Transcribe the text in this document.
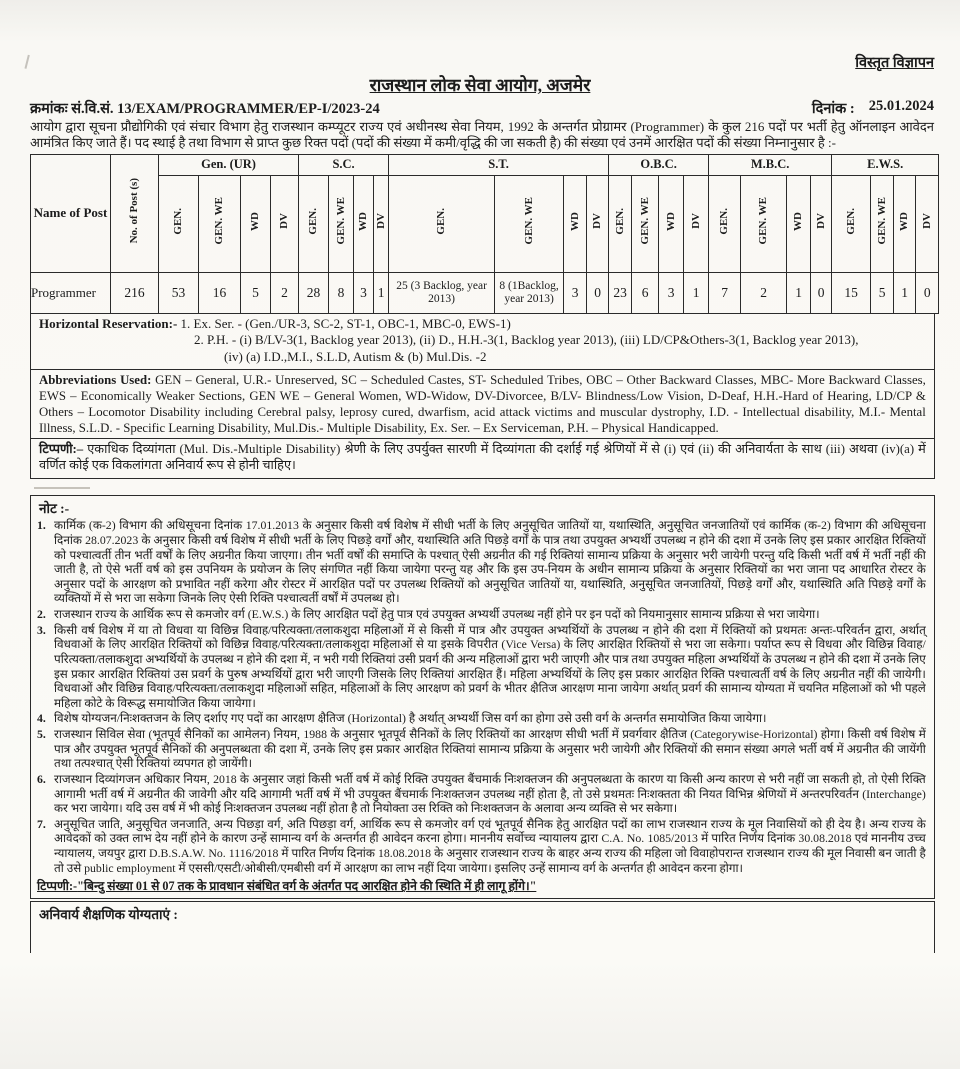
विस्तृत विज्ञापन
राजस्थान लोक सेवा आयोग, अजमेर
क्रमांकः सं.वि.सं. 13/EXAM/PROGRAMMER/EP-I/2023-24	दिनांक : 25.01.2024
आयोग द्वारा सूचना प्रौद्योगिकी एवं संचार विभाग हेतु राजस्थान कम्प्यूटर राज्य एवं अधीनस्थ सेवा नियम, 1992 के अन्तर्गत प्रोग्रामर (Programmer) के कुल 216 पदों पर भर्ती हेतु ऑनलाइन आवेदन आमंत्रित किए जाते हैं। पद स्थाई है तथा विभाग से प्राप्त कुछ रिक्त पदों (पदों की संख्या में कमी/वृद्धि की जा सकती है) की संख्या एवं उनमें आरक्षित पदों की संख्या निम्नानुसार है :-
Name of Post	No. of Post (s)	Gen. (UR)				S.C.				S.T.				O.B.C.				M.B.C.				E.W.S.			
		GEN.	GEN. WE	WD	DV	GEN.	GEN. WE	WD	DV	GEN.	GEN. WE	WD	DV	GEN.	GEN. WE	WD	DV	GEN.	GEN. WE	WD	DV	GEN.	GEN. WE	WD	DV
Programmer	216	53	16	5	2	28	8	3	1	25 (3 Backlog, year 2013)	8 (1Backlog, year 2013)	3	0	23	6	3	1	7	2	1	0	15	5	1	0
Horizontal Reservation:- 1. Ex. Ser. - (Gen./UR-3, SC-2, ST-1, OBC-1, MBC-0, EWS-1)
2. P.H. - (i) B/LV-3(1, Backlog year 2013), (ii) D., H.H.-3(1, Backlog year 2013), (iii) LD/CP&Others-3(1, Backlog year 2013),
(iv) (a) I.D.,M.I., S.L.D, Autism & (b) Mul.Dis. -2
Abbreviations Used: GEN – General, U.R.- Unreserved, SC – Scheduled Castes, ST- Scheduled Tribes, OBC – Other Backward Classes, MBC- More Backward Classes, EWS – Economically Weaker Sections, GEN WE – General Women, WD-Widow, DV-Divorcee, B/LV- Blindness/Low Vision, D-Deaf, H.H.-Hard of Hearing, LD/CP & Others – Locomotor Disability including Cerebral palsy, leprosy cured, dwarfism, acid attack victims and muscular dystrophy, I.D. - Intellectual disability, M.I.- Mental Illness, S.L.D. - Specific Learning Disability, Mul.Dis.- Multiple Disability, Ex. Ser. – Ex Serviceman, P.H. – Physical Handicapped.
टिप्पणी:– एकाधिक दिव्यांगता (Mul. Dis.-Multiple Disability) श्रेणी के लिए उपर्युक्त सारणी में दिव्यांगता की दर्शाई गई श्रेणियों में से (i) एवं (ii) की अनिवार्यता के साथ (iii) अथवा (iv)(a) में वर्णित कोई एक विकलांगता अनिवार्य रूप से होनी चाहिए।
नोट :-
1. कार्मिक (क-2) विभाग की अधिसूचना दिनांक 17.01.2013 के अनुसार किसी वर्ष विशेष में सीधी भर्ती के लिए अनुसूचित जातियों या, यथास्थिति, अनुसूचित जनजातियों एवं कार्मिक (क-2) विभाग की अधिसूचना दिनांक 28.07.2023 के अनुसार किसी वर्ष विशेष में सीधी भर्ती के लिए पिछड़े वर्गों और, यथास्थिति अति पिछड़े वर्गों के पात्र तथा उपयुक्त अभ्यर्थी उपलब्ध न होने की दशा में उनके लिए इस प्रकार आरक्षित रिक्तियों को पश्चात्वर्ती तीन भर्ती वर्षों के लिए अग्रनीत किया जाएगा। तीन भर्ती वर्षों की समाप्ति के पश्चात् ऐसी अग्रनीत की गई रिक्तियां सामान्य प्रक्रिया के अनुसार भरी जायेगी परन्तु यदि किसी भर्ती वर्ष में भर्ती नहीं की जाती है, तो ऐसे भर्ती वर्ष को इस उपनियम के प्रयोजन के लिए संगणित नहीं किया जायेगा परन्तु यह और कि इस उप-नियम के अधीन सामान्य प्रक्रिया के अनुसार रिक्तियों का भरा जाना पद आधारित रोस्टर के अनुसार पदों के आरक्षण को प्रभावित नहीं करेगा और रोस्टर में आरक्षित पदों पर उपलब्ध रिक्तियों को अनुसूचित जातियों या, यथास्थिति, अनुसूचित जनजातियों, पिछड़े वर्गों और, यथास्थिति अति पिछड़े वर्गों के व्यक्तियों में से भरा जा सकेगा जिनके लिए ऐसी रिक्ति पश्चात्वर्ती वर्षों में उपलब्ध हो।
2. राजस्थान राज्य के आर्थिक रूप से कमजोर वर्ग (E.W.S.) के लिए आरक्षित पदों हेतु पात्र एवं उपयुक्त अभ्यर्थी उपलब्ध नहीं होने पर इन पदों को नियमानुसार सामान्य प्रक्रिया से भरा जायेगा।
3. किसी वर्ष विशेष में या तो विधवा या विछिन्न विवाह/परित्यक्ता/तलाकशुदा महिलाओं में से किसी में पात्र और उपयुक्त अभ्यर्थियों के उपलब्ध न होने की दशा में रिक्तियों को प्रथमतः अन्तः-परिवर्तन द्वारा, अर्थात् विधवाओं के लिए आरक्षित रिक्तियों को विछिन्न विवाह/परित्यक्ता/तलाकशुदा महिलाओं से या इसके विपरीत (Vice Versa) के लिए आरक्षित रिक्तियों से भरा जा सकेगा। पर्याप्त रूप से विधवा और विछिन्न विवाह/परित्यक्ता/तलाकशुदा अभ्यर्थियों के उपलब्ध न होने की दशा में, न भरी गयी रिक्तियां उसी प्रवर्ग की अन्य महिलाओं द्वारा भरी जाएगी और पात्र तथा उपयुक्त महिला अभ्यर्थियों के उपलब्ध न होने की दशा में उनके लिए इस प्रकार आरक्षित रिक्तियां उस प्रवर्ग के पुरुष अभ्यर्थियों द्वारा भरी जाएगी जिसके लिए रिक्तियां आरक्षित हैं। महिला अभ्यर्थियों के लिए इस प्रकार आरक्षित रिक्ति पश्चात्वर्ती वर्ष के लिए अग्रनीत नहीं की जायेगी। विधवाओं और विछिन्न विवाह/परित्यक्ता/तलाकशुदा महिलाओं सहित, महिलाओं के लिए आरक्षण को प्रवर्ग के भीतर क्षैतिज आरक्षण माना जायेगा अर्थात् प्रवर्ग की सामान्य योग्यता में चयनित महिलाओं को भी पहले महिला कोटे के विरूद्ध समायोजित किया जायेगा।
4. विशेष योग्यजन/निःशक्तजन के लिए दर्शाए गए पदों का आरक्षण क्षैतिज (Horizontal) है अर्थात् अभ्यर्थी जिस वर्ग का होगा उसे उसी वर्ग के अन्तर्गत समायोजित किया जायेगा।
5. राजस्थान सिविल सेवा (भूतपूर्व सैनिकों का आमेलन) नियम, 1988 के अनुसार भूतपूर्व सैनिकों के लिए रिक्तियों का आरक्षण सीधी भर्ती में प्रवर्गवार क्षैतिज (Categorywise-Horizontal) होगा। किसी वर्ष विशेष में पात्र और उपयुक्त भूतपूर्व सैनिकों की अनुपलब्धता की दशा में, उनके लिए इस प्रकार आरक्षित रिक्तियां सामान्य प्रक्रिया के अनुसार भरी जायेगी और रिक्तियों की समान संख्या अगले भर्ती वर्ष में अग्रनीत की जायेंगी तथा तत्पश्चात् ऐसी रिक्तियां व्यपगत हो जायेंगी।
6. राजस्थान दिव्यांगजन अधिकार नियम, 2018 के अनुसार जहां किसी भर्ती वर्ष में कोई रिक्ति उपयुक्त बैंचमार्क निःशक्तजन की अनुपलब्धता के कारण या किसी अन्य कारण से भरी नहीं जा सकती हो, तो ऐसी रिक्ति आगामी भर्ती वर्ष में अग्रनीत की जावेगी और यदि आगामी भर्ती वर्ष में भी उपयुक्त बैंचमार्क निःशक्तजन उपलब्ध नहीं होता है, तो उसे प्रथमतः निःशक्तता की नियत विभिन्न श्रेणियों में अन्तरपरिवर्तन (Interchange) कर भरा जायेगा। यदि उस वर्ष में भी कोई निःशक्तजन उपलब्ध नहीं होता है तो नियोक्ता उस रिक्ति को निःशक्तजन के अलावा अन्य व्यक्ति से भर सकेगा।
7. अनुसूचित जाति, अनुसूचित जनजाति, अन्य पिछड़ा वर्ग, अति पिछड़ा वर्ग, आर्थिक रूप से कमजोर वर्ग एवं भूतपूर्व सैनिक हेतु आरक्षित पदों का लाभ राजस्थान राज्य के मूल निवासियों को ही देय है। अन्य राज्य के आवेदकों को उक्त लाभ देय नहीं होने के कारण उन्हें सामान्य वर्ग के अन्तर्गत ही आवेदन करना होगा। माननीय सर्वोच्च न्यायालय द्वारा C.A. No. 1085/2013 में पारित निर्णय दिनांक 30.08.2018 एवं माननीय उच्च न्यायालय, जयपुर द्वारा D.B.S.A.W. No. 1116/2018 में पारित निर्णय दिनांक 18.08.2018 के अनुसार राजस्थान राज्य के बाहर अन्य राज्य की महिला जो विवाहोपरान्त राजस्थान राज्य की मूल निवासी बन जाती है तो उसे public employment में एससी/एसटी/ओबीसी/एमबीसी वर्ग में आरक्षण का लाभ नहीं दिया जायेगा। इसलिए उन्हें सामान्य वर्ग के अन्तर्गत ही आवेदन करना होगा।
टिप्पणी:-"बिन्दु संख्या 01 से 07 तक के प्रावधान संबंधित वर्ग के अंतर्गत पद आरक्षित होने की स्थिति में ही लागू होंगे।"
अनिवार्य शैक्षणिक योग्यताएं :
